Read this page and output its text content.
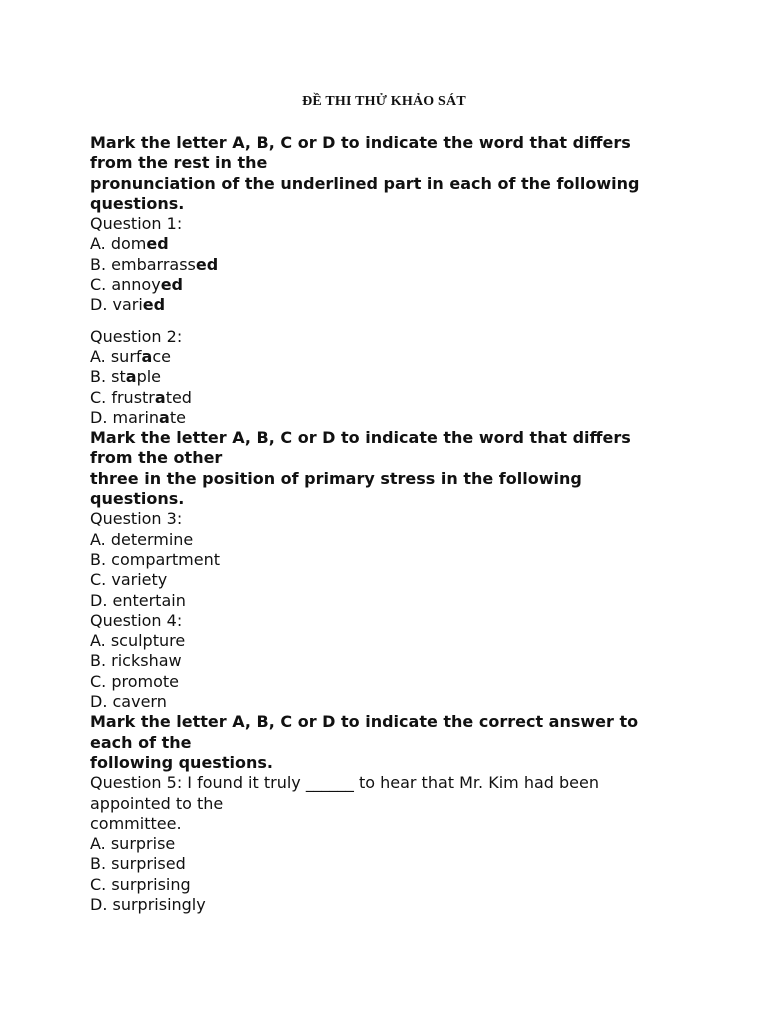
ĐỀ THI THỬ KHẢO SÁT
Mark the letter A, B, C or D to indicate the word that differs
from the rest in the
pronunciation of the underlined part in each of the following
questions.
Question 1:
A. domed
B. embarrassed
C. annoyed
D. varied
Question 2:
A. surface
B. staple
C. frustrated
D. marinate
Mark the letter A, B, C or D to indicate the word that differs
from the other
three in the position of primary stress in the following
questions.
Question 3:
A. determine
B. compartment
C. variety
D. entertain
Question 4:
A. sculpture
B. rickshaw
C. promote
D. cavern
Mark the letter A, B, C or D to indicate the correct answer to
each of the
following questions.
Question 5: I found it truly ______ to hear that Mr. Kim had been
appointed to the
committee.
A. surprise
B. surprised
C. surprising
D. surprisingly
